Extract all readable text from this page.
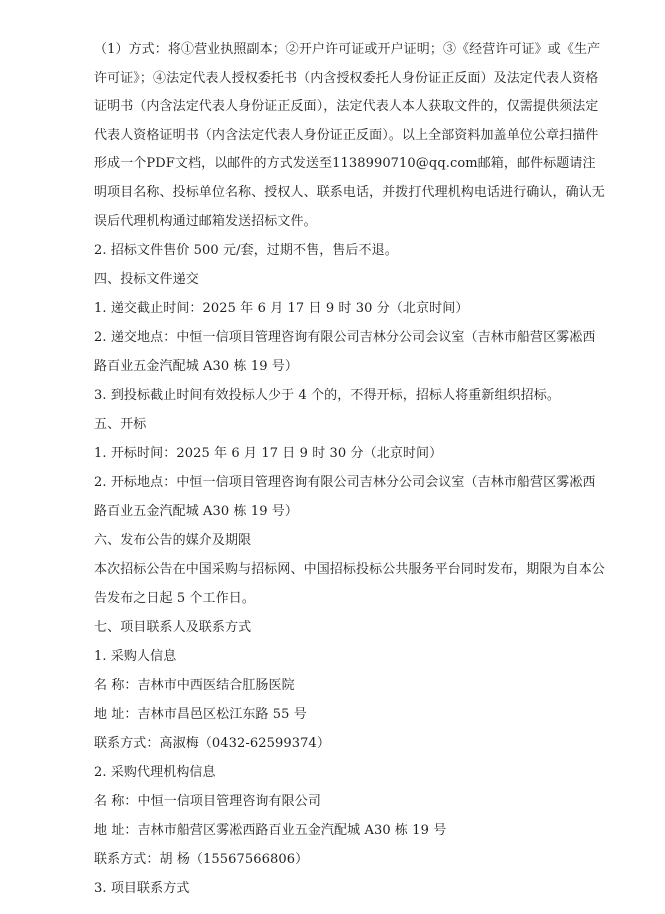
（1）方式：将①营业执照副本；②开户许可证或开户证明；③《经营许可证》或《生产许可证》；④法定代表人授权委托书（内含授权委托人身份证正反面）及法定代表人资格证明书（内含法定代表人身份证正反面），法定代表人本人获取文件的，仅需提供须法定代表人资格证明书（内含法定代表人身份证正反面）。以上全部资料加盖单位公章扫描件形成一个PDF文档，以邮件的方式发送至1138990710@qq.com邮箱，邮件标题请注明项目名称、投标单位名称、授权人、联系电话，并拨打代理机构电话进行确认，确认无误后代理机构通过邮箱发送招标文件。

2. 招标文件售价 500 元/套，过期不售，售后不退。

四、投标文件递交

1. 递交截止时间：2025 年 6 月 17 日 9 时 30 分（北京时间）

2. 递交地点：中恒一信项目管理咨询有限公司吉林分公司会议室（吉林市船营区雾凇西路百业五金汽配城 A30 栋 19 号）

3. 到投标截止时间有效投标人少于 4 个的，不得开标，招标人将重新组织招标。

五、开标

1. 开标时间：2025 年 6 月 17 日 9 时 30 分（北京时间）

2. 开标地点：中恒一信项目管理咨询有限公司吉林分公司会议室（吉林市船营区雾凇西路百业五金汽配城 A30 栋 19 号）

六、发布公告的媒介及期限

本次招标公告在中国采购与招标网、中国招标投标公共服务平台同时发布，期限为自本公告发布之日起 5 个工作日。

七、项目联系人及联系方式

1. 采购人信息

名 称：吉林市中西医结合肛肠医院

地 址：吉林市昌邑区松江东路 55 号

联系方式：高淑梅（0432-62599374）

2. 采购代理机构信息

名 称：中恒一信项目管理咨询有限公司

地 址：吉林市船营区雾凇西路百业五金汽配城 A30 栋 19 号

联系方式：胡 杨（15567566806）

3. 项目联系方式
